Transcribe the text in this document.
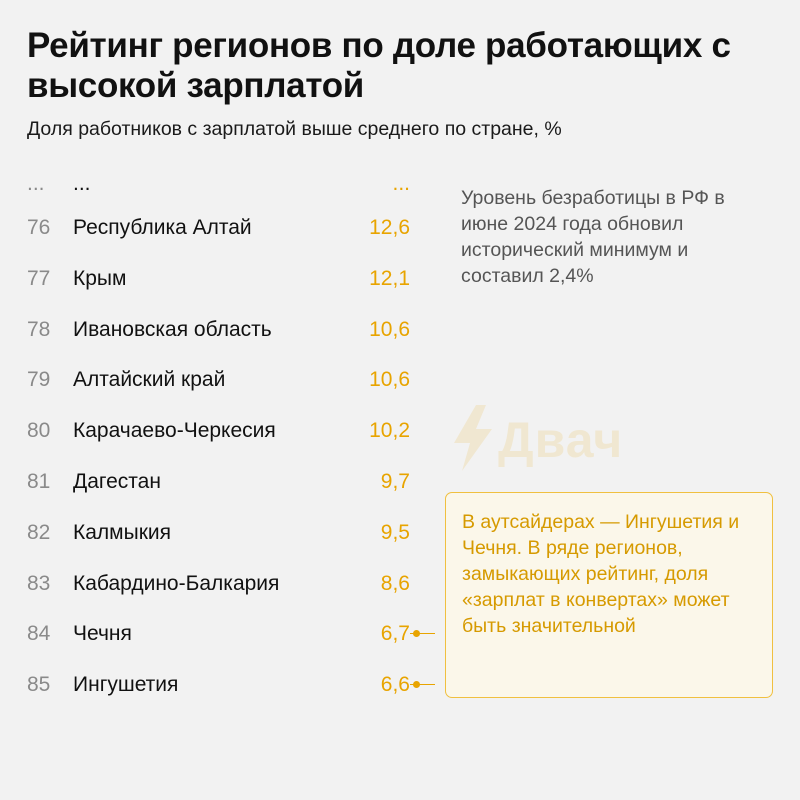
Рейтинг регионов по доле работающих с высокой зарплатой
Доля работников с зарплатой выше среднего по стране, %
... ...	...
76 Республика Алтай	12,6
77 Крым	12,1
78 Ивановская область	10,6
79 Алтайский край	10,6
80 Карачаево-Черкесия	10,2
81 Дагестан	9,7
82 Калмыкия	9,5
83 Кабардино-Балкария	8,6
84 Чечня	6,7
85 Ингушетия	6,6
Двач
Уровень безработицы в РФ в июне 2024 года обновил исторический минимум и составил 2,4%
В аутсайдерах — Ингушетия и Чечня. В ряде регионов, замыкающих рейтинг, доля «зарплат в конвертах» может быть значительной
